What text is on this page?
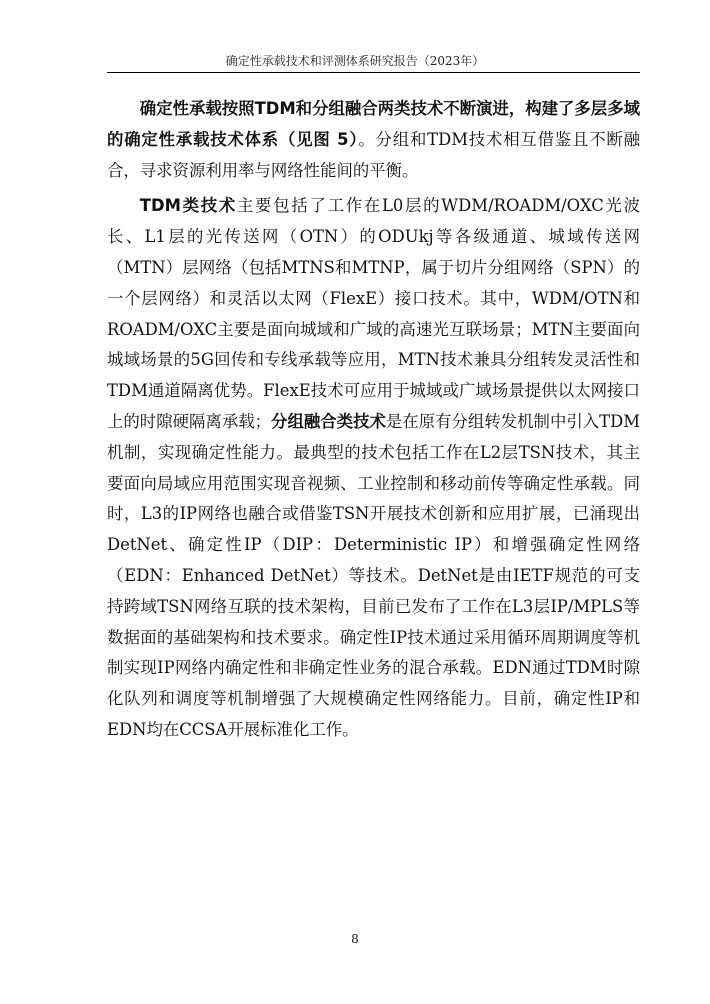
确定性承载技术和评测体系研究报告（2023年）

确定性承载按照TDM和分组融合两类技术不断演进，构建了多层多域的确定性承载技术体系（见图 5）。分组和TDM技术相互借鉴且不断融合，寻求资源利用率与网络性能间的平衡。

TDM类技术主要包括了工作在L0层的WDM/ROADM/OXC光波长、L1层的光传送网（OTN）的ODUkj等各级通道、城域传送网（MTN）层网络（包括MTNS和MTNP，属于切片分组网络（SPN）的一个层网络）和灵活以太网（FlexE）接口技术。其中，WDM/OTN和ROADM/OXC主要是面向城域和广域的高速光互联场景；MTN主要面向城域场景的5G回传和专线承载等应用，MTN技术兼具分组转发灵活性和TDM通道隔离优势。FlexE技术可应用于城域或广域场景提供以太网接口上的时隙硬隔离承载；分组融合类技术是在原有分组转发机制中引入TDM机制，实现确定性能力。最典型的技术包括工作在L2层TSN技术，其主要面向局域应用范围实现音视频、工业控制和移动前传等确定性承载。同时，L3的IP网络也融合或借鉴TSN开展技术创新和应用扩展，已涌现出DetNet、确定性IP（DIP：Deterministic IP）和增强确定性网络（EDN：Enhanced DetNet）等技术。DetNet是由IETF规范的可支持跨域TSN网络互联的技术架构，目前已发布了工作在L3层IP/MPLS等数据面的基础架构和技术要求。确定性IP技术通过采用循环周期调度等机制实现IP网络内确定性和非确定性业务的混合承载。EDN通过TDM时隙化队列和调度等机制增强了大规模确定性网络能力。目前，确定性IP和EDN均在CCSA开展标准化工作。

8
